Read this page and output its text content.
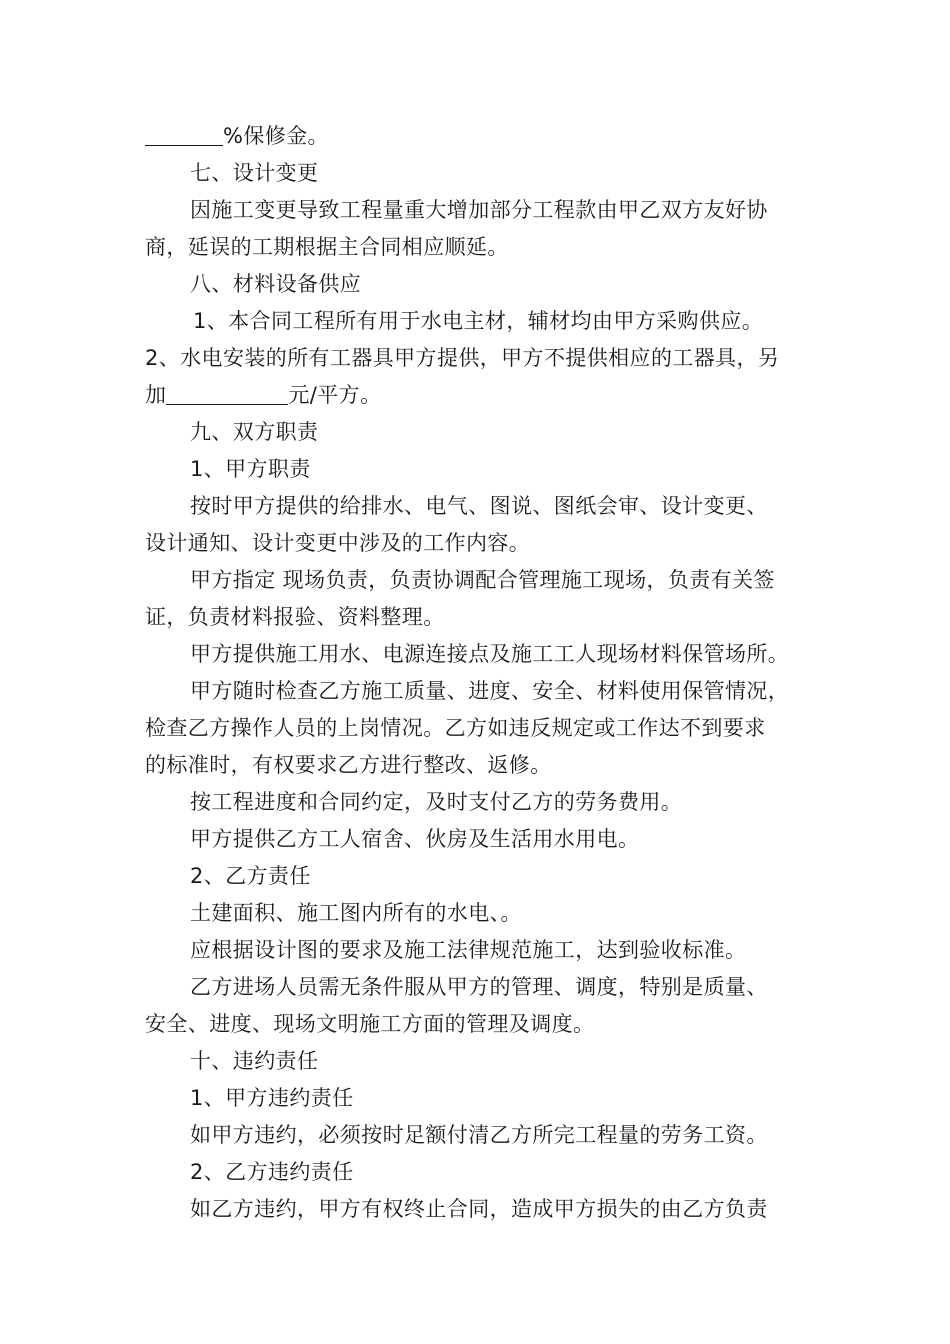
%保修金。
七、设计变更
因施工变更导致工程量重大增加部分工程款由甲乙双方友好协
商，延误的工期根据主合同相应顺延。
八、材料设备供应
1、本合同工程所有用于水电主材，辅材均由甲方采购供应。
2、水电安装的所有工器具甲方提供，甲方不提供相应的工器具，另
加	元/平方。
九、双方职责
1、甲方职责
按时甲方提供的给排水、电气、图说、图纸会审、设计变更、
设计通知、设计变更中涉及的工作内容。
甲方指定 现场负责，负责协调配合管理施工现场，负责有关签
证，负责材料报验、资料整理。
甲方提供施工用水、电源连接点及施工工人现场材料保管场所。
甲方随时检查乙方施工质量、进度、安全、材料使用保管情况，
检查乙方操作人员的上岗情况。乙方如违反规定或工作达不到要求
的标准时，有权要求乙方进行整改、返修。
按工程进度和合同约定，及时支付乙方的劳务费用。
甲方提供乙方工人宿舍、伙房及生活用水用电。
2、乙方责任
土建面积、施工图内所有的水电、。
应根据设计图的要求及施工法律规范施工，达到验收标准。
乙方进场人员需无条件服从甲方的管理、调度，特别是质量、
安全、进度、现场文明施工方面的管理及调度。
十、违约责任
1、甲方违约责任
如甲方违约，必须按时足额付清乙方所完工程量的劳务工资。
2、乙方违约责任
如乙方违约，甲方有权终止合同，造成甲方损失的由乙方负责
